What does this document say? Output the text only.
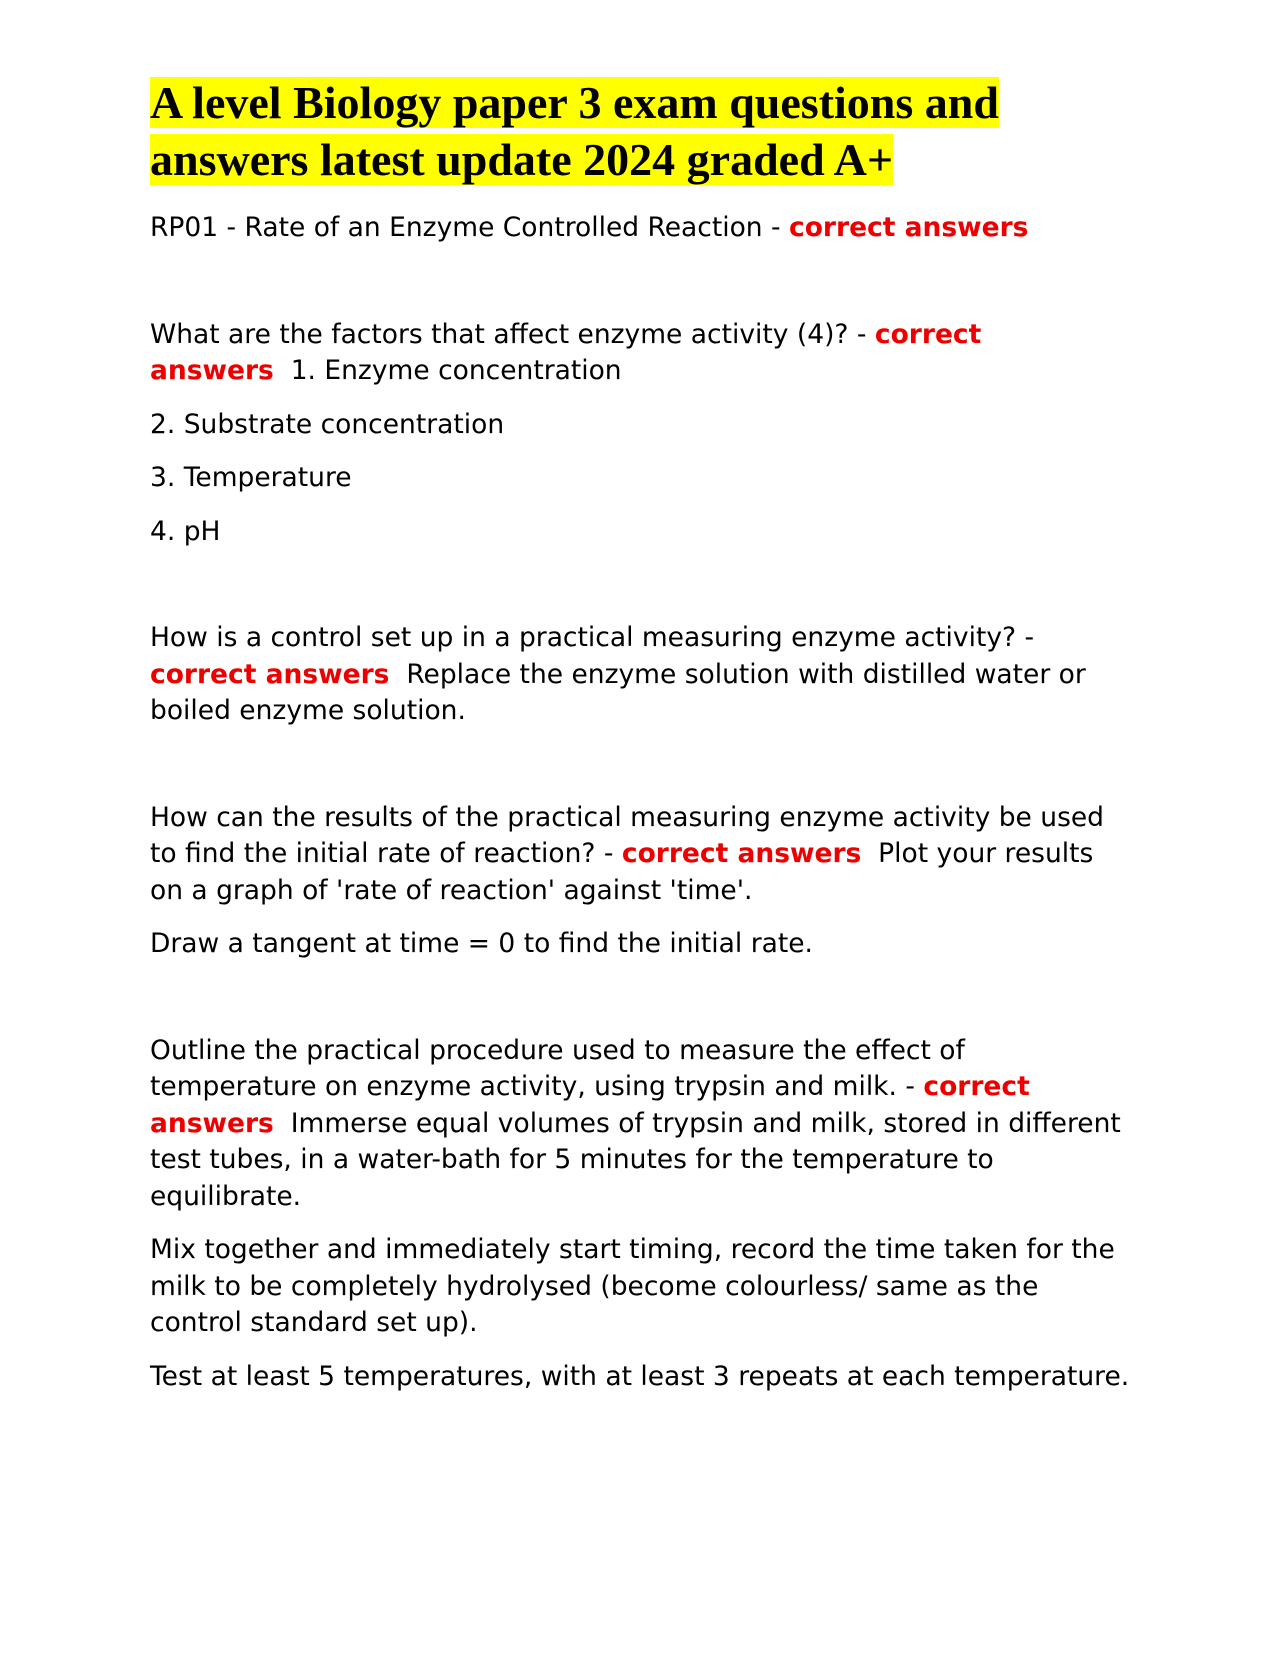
A level Biology paper 3 exam questions and answers latest update 2024 graded A+
RP01 - Rate of an Enzyme Controlled Reaction - correct answers
What are the factors that affect enzyme activity (4)? - correct answers 1. Enzyme concentration
2. Substrate concentration
3. Temperature
4. pH
How is a control set up in a practical measuring enzyme activity? - correct answers Replace the enzyme solution with distilled water or boiled enzyme solution.
How can the results of the practical measuring enzyme activity be used to find the initial rate of reaction? - correct answers Plot your results on a graph of 'rate of reaction' against 'time'.
Draw a tangent at time = 0 to find the initial rate.
Outline the practical procedure used to measure the effect of temperature on enzyme activity, using trypsin and milk. - correct answers Immerse equal volumes of trypsin and milk, stored in different test tubes, in a water-bath for 5 minutes for the temperature to equilibrate.
Mix together and immediately start timing, record the time taken for the milk to be completely hydrolysed (become colourless/ same as the control standard set up).
Test at least 5 temperatures, with at least 3 repeats at each temperature.
